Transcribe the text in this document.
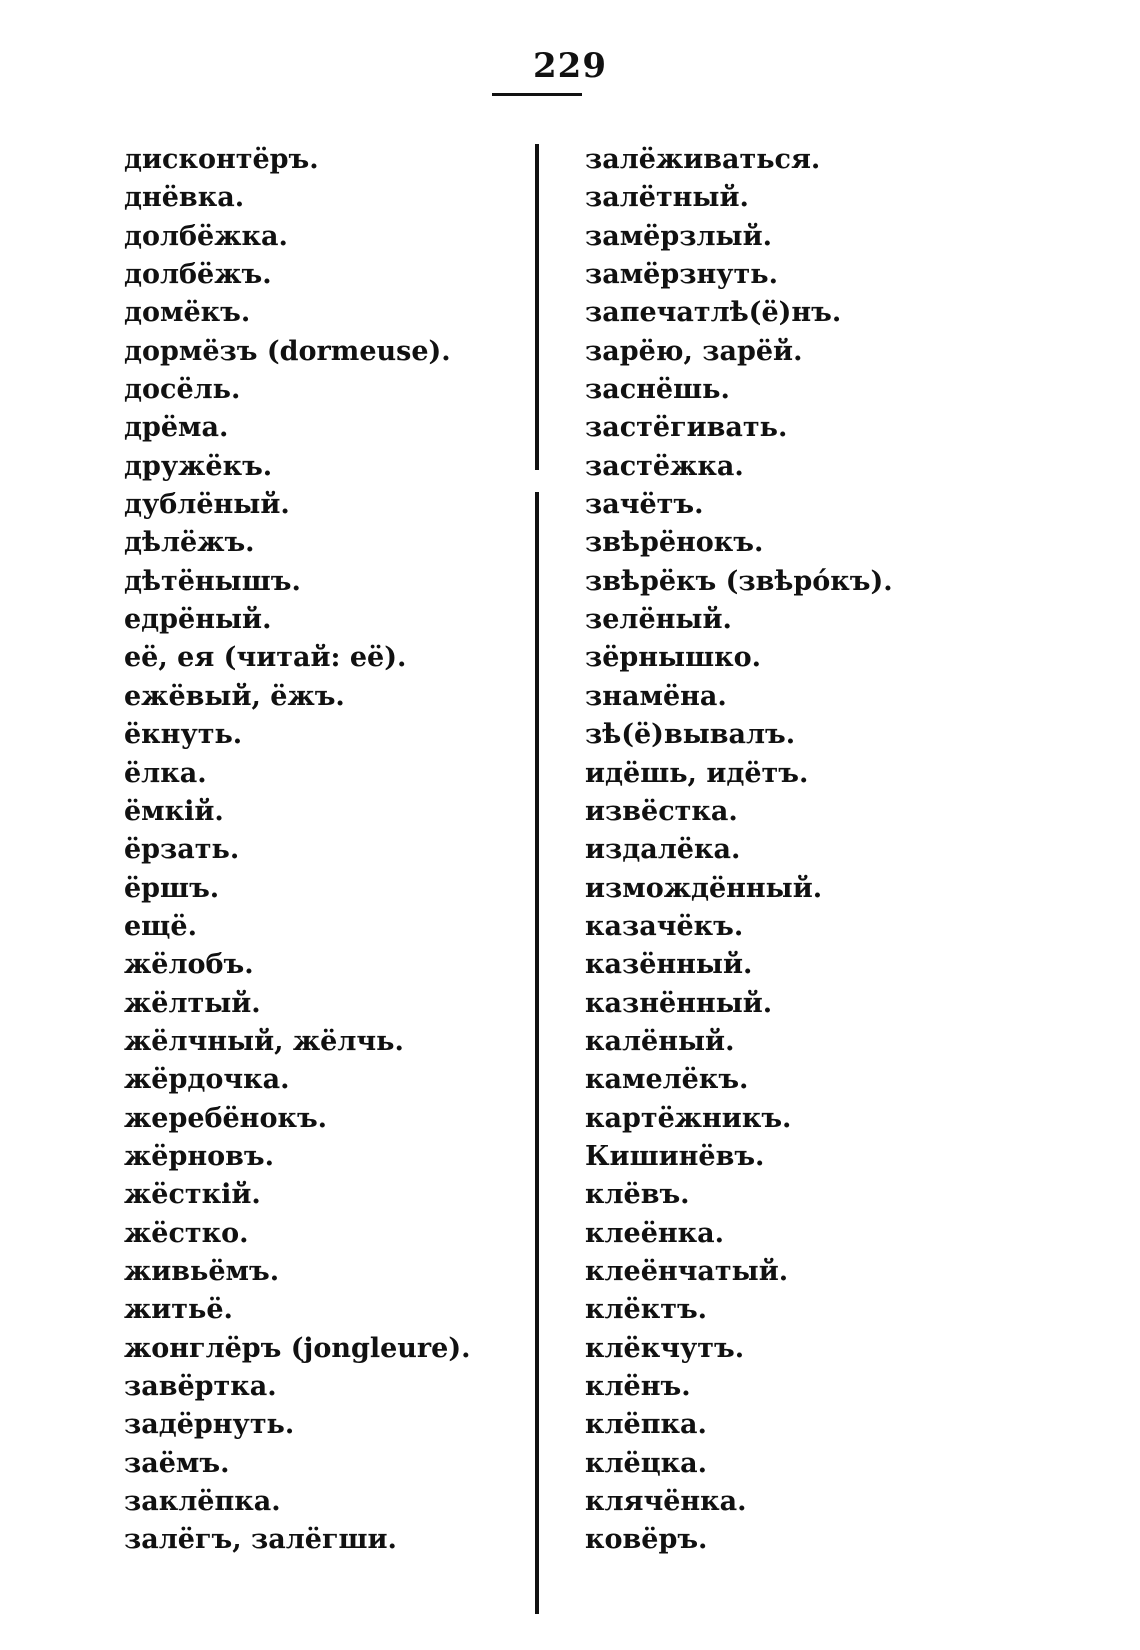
229
дисконтёръ.
днёвка.
долбёжка.
долбёжъ.
домёкъ.
дормёзъ (dormeuse).
досёль.
дрёма.
дружёкъ.
дублёный.
дѣлёжъ.
дѣтёнышъ.
едрёный.
её, ея (читай: её).
ежёвый, ёжъ.
ёкнуть.
ёлка.
ёмкій.
ёрзать.
ёршъ.
ещё.
жёлобъ.
жёлтый.
жёлчный, жёлчь.
жёрдочка.
жеребёнокъ.
жёрновъ.
жёсткій.
жёстко.
живьёмъ.
житьё.
жонглёръ (jongleure).
завёртка.
задёрнуть.
заёмъ.
заклёпка.
залёгъ, залёгши.
залёживаться.
залётный.
замёрзлый.
замёрзнуть.
запечатлѣ(ё)нъ.
зарёю, зарёй.
заснёшь.
застёгивать.
застёжка.
зачётъ.
звѣрёнокъ.
звѣрёкъ (звѣрóкъ).
зелёный.
зёрнышко.
знамёна.
зѣ(ё)вывалъ.
идёшь, идётъ.
извёстка.
издалёка.
измождённый.
казачёкъ.
казённый.
казнённый.
калёный.
камелёкъ.
картёжникъ.
Кишинёвъ.
клёвъ.
клеёнка.
клеёнчатый.
клёктъ.
клёкчутъ.
клёнъ.
клёпка.
клёцка.
клячёнка.
ковёръ.
